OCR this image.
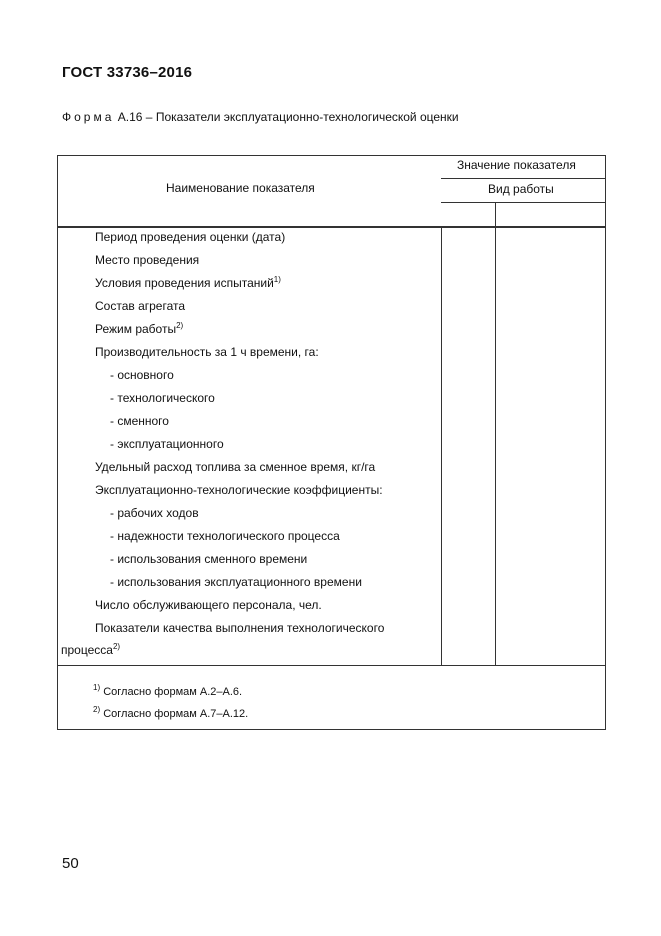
ГОСТ 33736–2016
Форма А.16 – Показатели эксплуатационно-технологической оценки
Наименование показателя
Значение показателя
Вид работы
Период проведения оценки (дата)
Место проведения
Условия проведения испытаний$^{1)}$
Состав агрегата
Режим работы$^{2)}$
Производительность за 1 ч времени, га:
- основного
- технологического
- сменного
- эксплуатационного
Удельный расход топлива за сменное время, кг/га
Эксплуатационно-технологические коэффициенты:
- рабочих ходов
- надежности технологического процесса
- использования сменного времени
- использования эксплуатационного времени
Число обслуживающего персонала, чел.
Показатели качества выполнения технологического
процесса$^{2)}$
$^{1)}$ Согласно формам А.2–А.6.
$^{2)}$ Согласно формам А.7–А.12.
50
